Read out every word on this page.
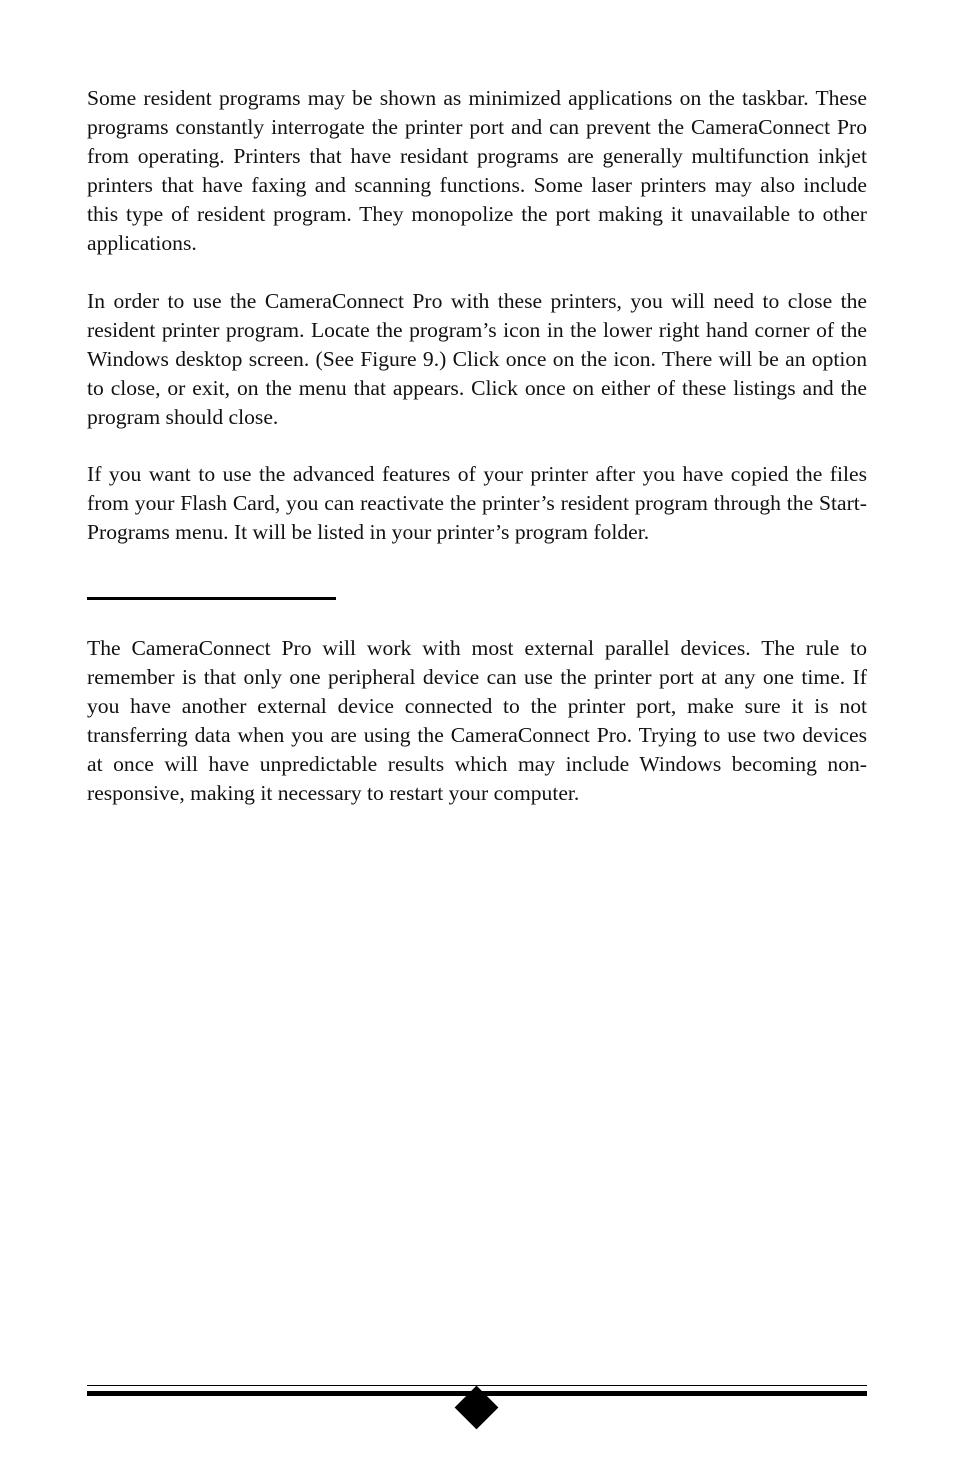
Some resident programs may be shown as minimized applications on the taskbar. These programs constantly interrogate the printer port and can prevent the CameraConnect Pro from operating. Printers that have residant programs are generally multifunction inkjet printers that have faxing and scanning functions. Some laser printers may also include this type of resident program. They monopolize the port making it unavailable to other applications.

In order to use the CameraConnect Pro with these printers, you will need to close the resident printer program. Locate the program’s icon in the lower right hand corner of the Windows desktop screen. (See Figure 9.) Click once on the icon. There will be an option to close, or exit, on the menu that appears. Click once on either of these listings and the program should close.

If you want to use the advanced features of your printer after you have copied the files from your Flash Card, you can reactivate the printer’s resident program through the Start-Programs menu. It will be listed in your printer’s program folder.

The CameraConnect Pro will work with most external parallel devices. The rule to remember is that only one peripheral device can use the printer port at any one time. If you have another external device connected to the printer port, make sure it is not transferring data when you are using the CameraConnect Pro. Trying to use two devices at once will have unpredictable results which may include Windows becoming non-responsive, making it necessary to restart your computer.
